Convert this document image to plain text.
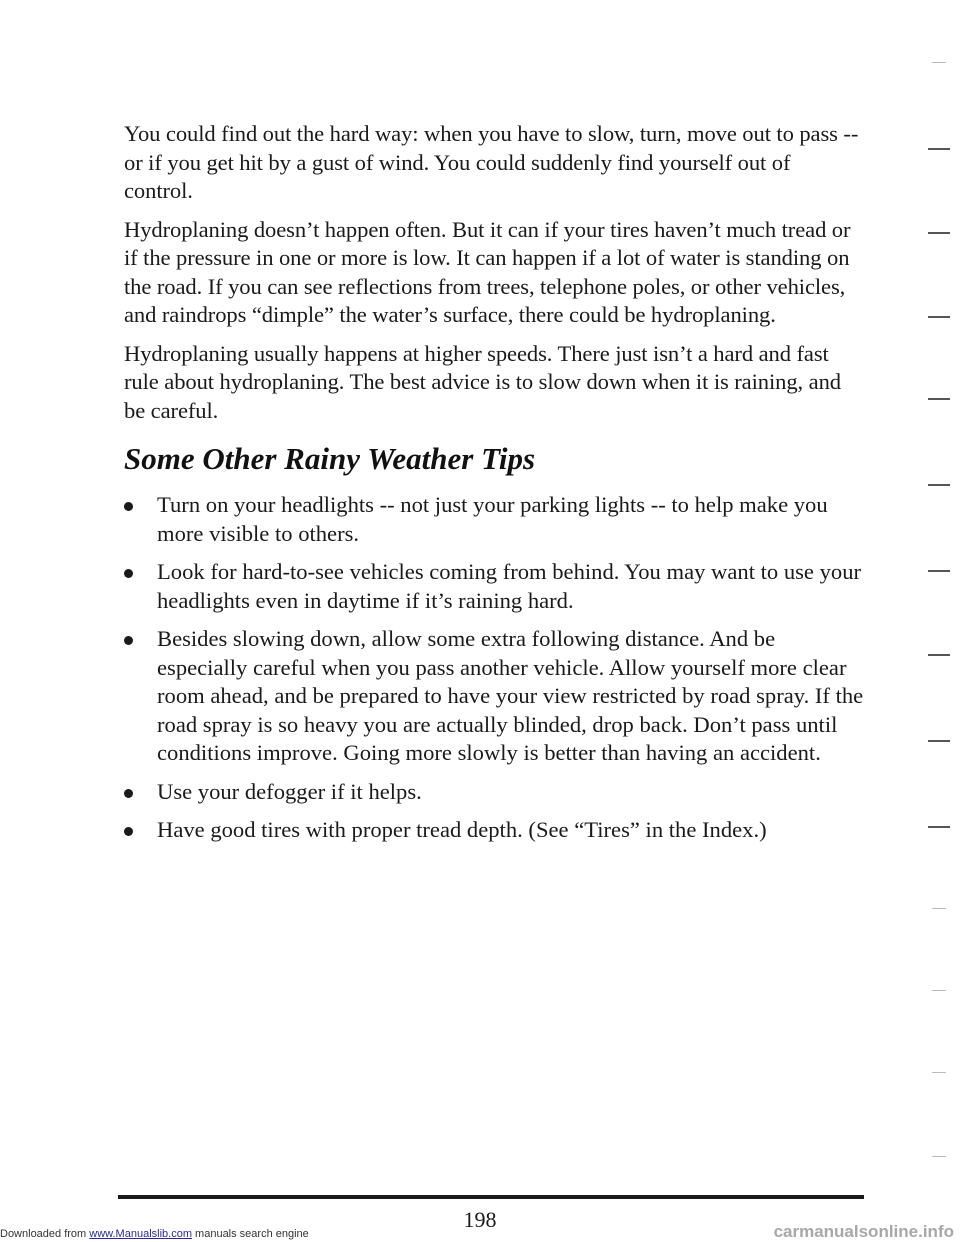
You could find out the hard way: when you have to slow, turn, move out to pass -- or if you get hit by a gust of wind. You could suddenly find yourself out of control.

Hydroplaning doesn’t happen often. But it can if your tires haven’t much tread or if the pressure in one or more is low. It can happen if a lot of water is standing on the road. If you can see reflections from trees, telephone poles, or other vehicles, and raindrops “dimple” the water’s surface, there could be hydroplaning.

Hydroplaning usually happens at higher speeds. There just isn’t a hard and fast rule about hydroplaning. The best advice is to slow down when it is raining, and be careful.

Some Other Rainy Weather Tips
Turn on your headlights -- not just your parking lights -- to help make you more visible to others.
Look for hard-to-see vehicles coming from behind. You may want to use your headlights even in daytime if it’s raining hard.
Besides slowing down, allow some extra following distance. And be especially careful when you pass another vehicle. Allow yourself more clear room ahead, and be prepared to have your view restricted by road spray. If the road spray is so heavy you are actually blinded, drop back. Don’t pass until conditions improve. Going more slowly is better than having an accident.
Use your defogger if it helps.
Have good tires with proper tread depth. (See “Tires” in the Index.)
198
Downloaded from www.Manualslib.com manuals search engine	carmanualsonline.info
